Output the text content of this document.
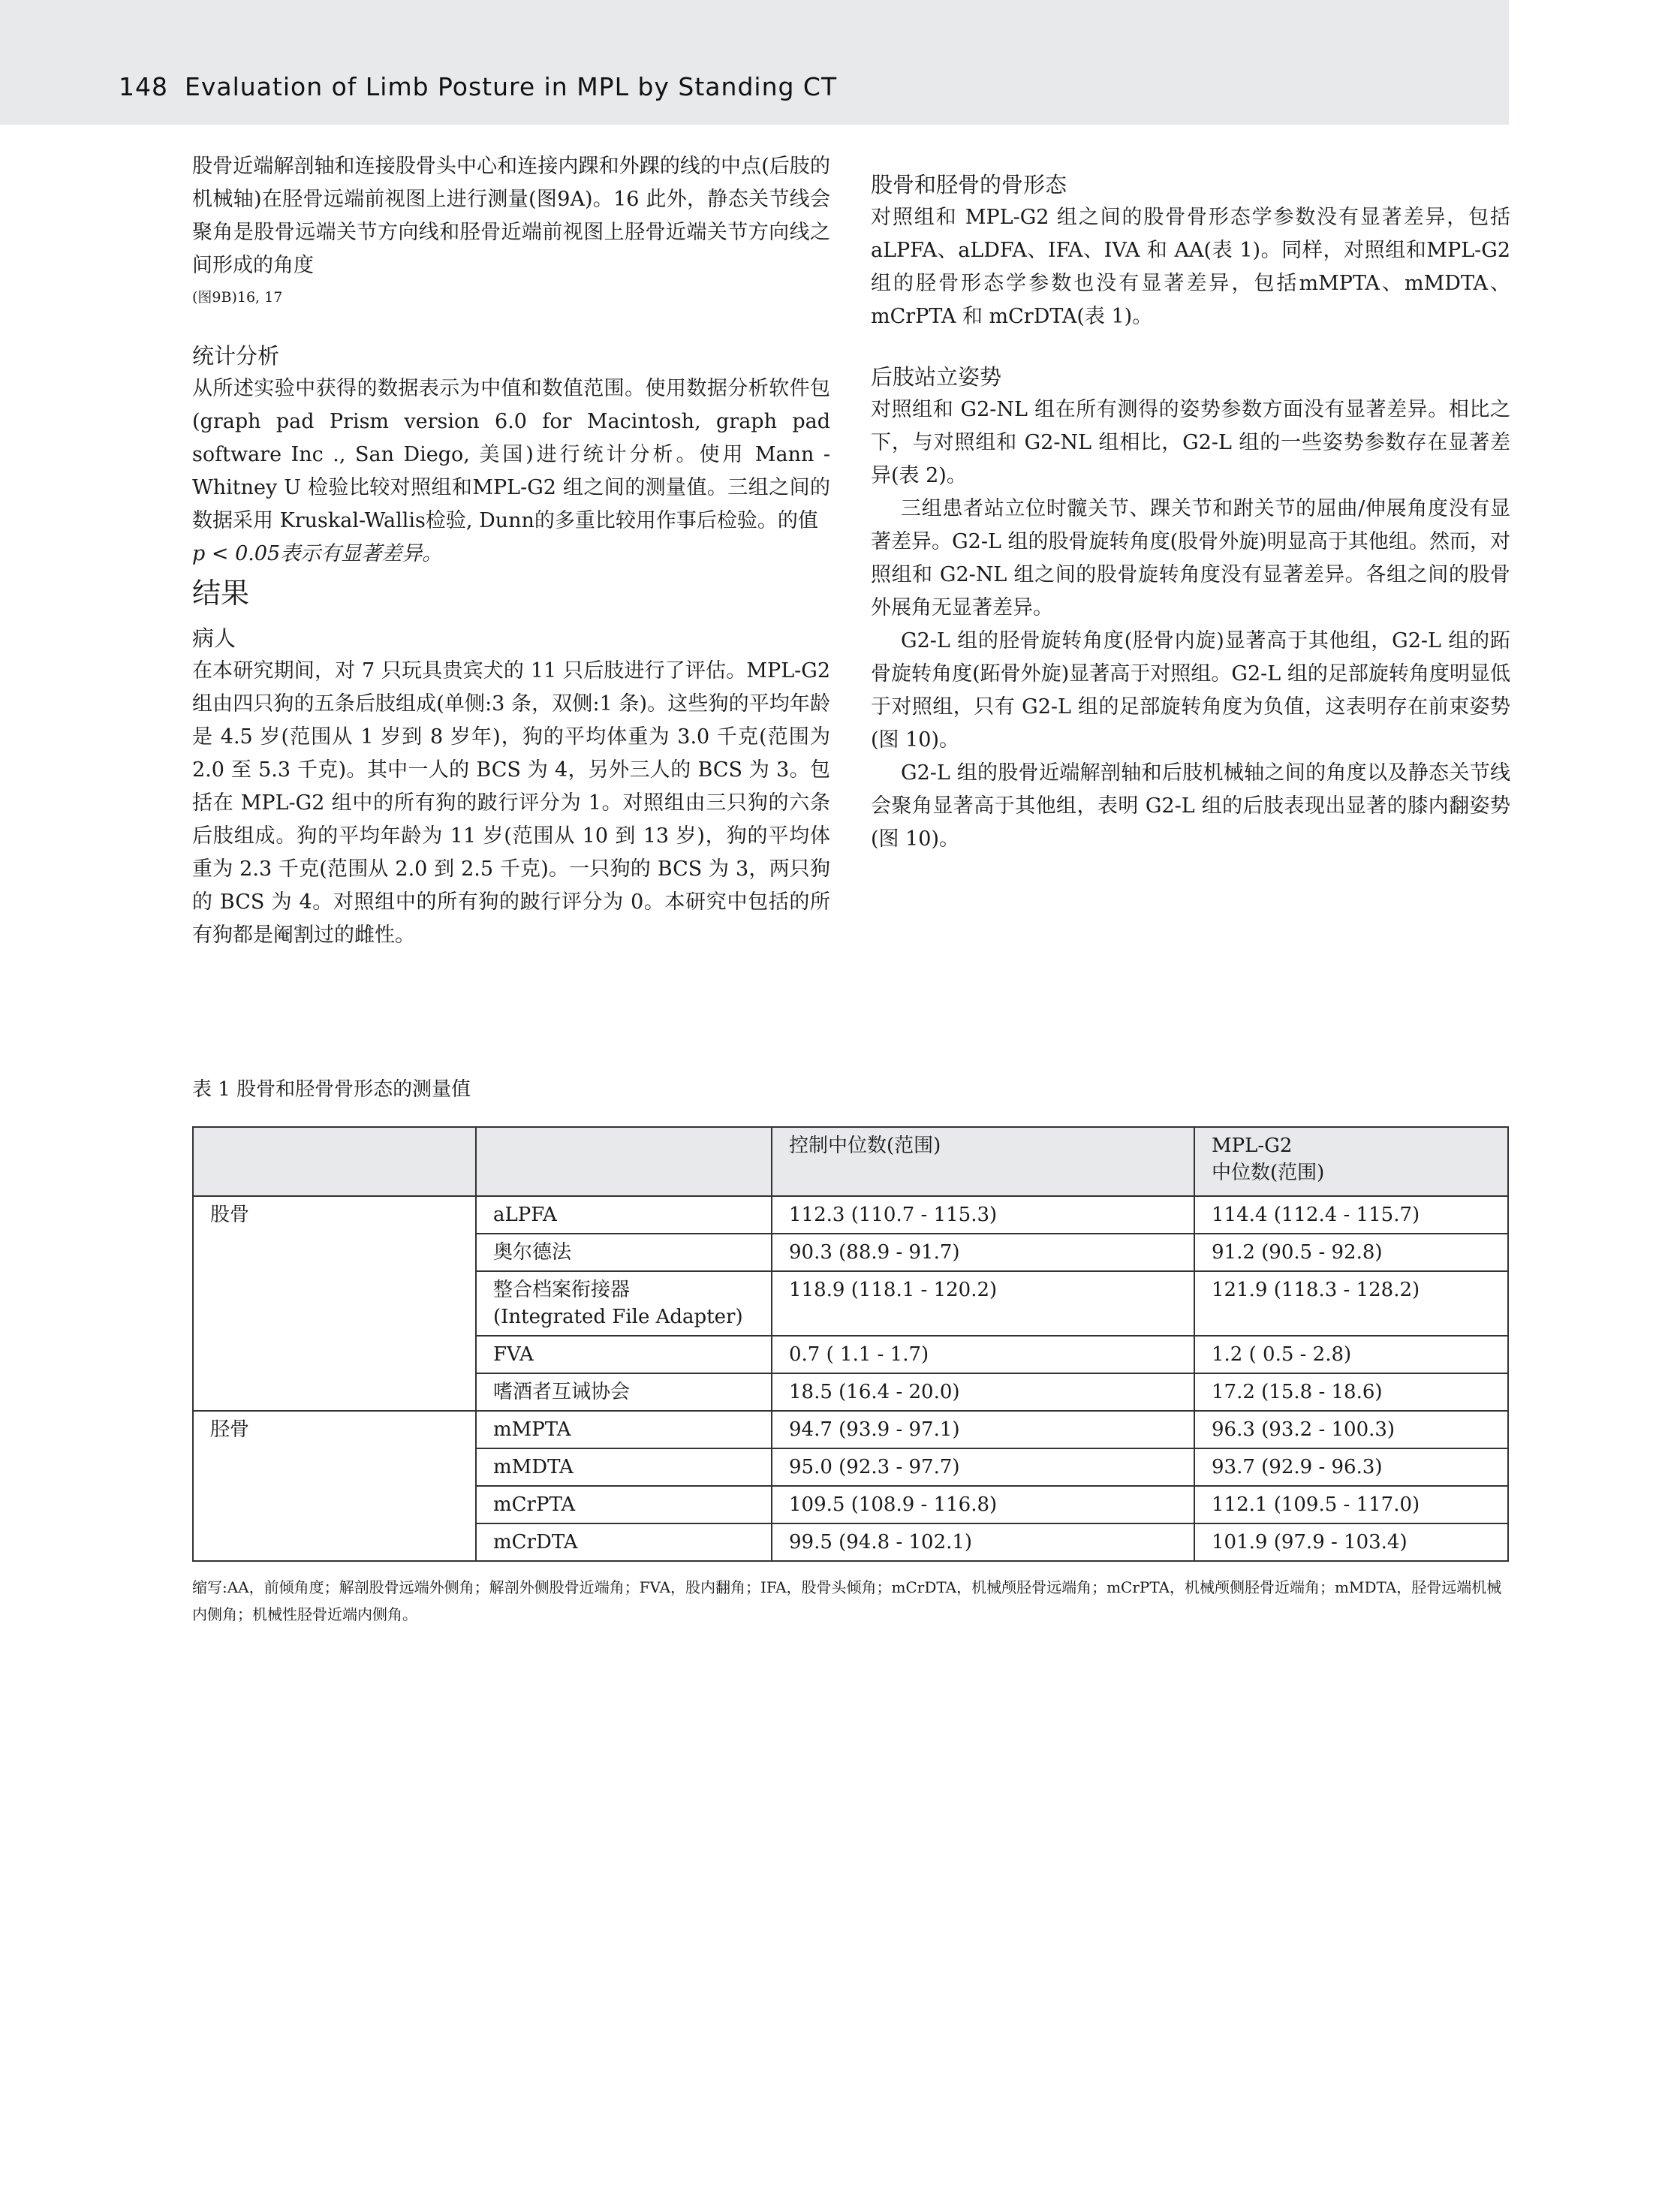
148 Evaluation of Limb Posture in MPL by Standing CT

股骨近端解剖轴和连接股骨头中心和连接内踝和外踝的线的中点(后肢的机械轴)在胫骨远端前视图上进行测量(图9A)。16 此外，静态关节线会聚角是股骨远端关节方向线和胫骨近端前视图上胫骨近端关节方向线之间形成的角度

(图9B)16, 17

统计分析

从所述实验中获得的数据表示为中值和数值范围。使用数据分析软件包(graph pad Prism version 6.0 for Macintosh, graph pad software Inc ., San Diego, 美国)进行统计分析。使用 Mann - Whitney U 检验比较对照组和MPL-G2 组之间的测量值。三组之间的数据采用 Kruskal-Wallis检验, Dunn的多重比较用作事后检验。的值

p < 0.05表示有显著差异。

结果

病人

在本研究期间，对 7 只玩具贵宾犬的 11 只后肢进行了评估。MPL-G2 组由四只狗的五条后肢组成(单侧:3 条，双侧:1 条)。这些狗的平均年龄是 4.5 岁(范围从 1 岁到 8 岁年)，狗的平均体重为 3.0 千克(范围为 2.0 至 5.3 千克)。其中一人的 BCS 为 4，另外三人的 BCS 为 3。包括在 MPL-G2 组中的所有狗的跛行评分为 1。对照组由三只狗的六条后肢组成。狗的平均年龄为 11 岁(范围从 10 到 13 岁)，狗的平均体重为 2.3 千克(范围从 2.0 到 2.5 千克)。一只狗的 BCS 为 3，两只狗的 BCS 为 4。对照组中的所有狗的跛行评分为 0。本研究中包括的所有狗都是阉割过的雌性。

股骨和胫骨的骨形态

对照组和 MPL-G2 组之间的股骨骨形态学参数没有显著差异，包括 aLPFA、aLDFA、IFA、IVA 和 AA(表 1)。同样，对照组和MPL-G2 组的胫骨形态学参数也没有显著差异，包括mMPTA、mMDTA、mCrPTA 和 mCrDTA(表 1)。

后肢站立姿势

对照组和 G2-NL 组在所有测得的姿势参数方面没有显著差异。相比之下，与对照组和 G2-NL 组相比，G2-L 组的一些姿势参数存在显著差异(表 2)。

三组患者站立位时髋关节、踝关节和跗关节的屈曲/伸展角度没有显著差异。G2-L 组的股骨旋转角度(股骨外旋)明显高于其他组。然而，对照组和 G2-NL 组之间的股骨旋转角度没有显著差异。各组之间的股骨外展角无显著差异。

G2-L 组的胫骨旋转角度(胫骨内旋)显著高于其他组，G2-L 组的跖骨旋转角度(跖骨外旋)显著高于对照组。G2-L 组的足部旋转角度明显低于对照组，只有 G2-L 组的足部旋转角度为负值，这表明存在前束姿势(图 10)。

G2-L 组的股骨近端解剖轴和后肢机械轴之间的角度以及静态关节线会聚角显著高于其他组，表明 G2-L 组的后肢表现出显著的膝内翻姿势(图 10)。

表 1 股骨和胫骨骨形态的测量值
		控制中位数(范围)	MPL-G2
中位数(范围)

股骨	aLPFA	112.3 (110.7 - 115.3)	114.4 (112.4 - 115.7)
	奥尔德法	90.3 (88.9 - 91.7)	91.2 (90.5 - 92.8)

	整合档案衔接器
(Integrated File Adapter)	118.9 (118.1 - 120.2)	121.9 (118.3 - 128.2)
	FVA	0.7 ( 1.1 - 1.7)	1.2 ( 0.5 - 2.8)
	嗜酒者互诫协会	18.5 (16.4 - 20.0)	17.2 (15.8 - 18.6)
胫骨	mMPTA	94.7 (93.9 - 97.1)	96.3 (93.2 - 100.3)
	mMDTA	95.0 (92.3 - 97.7)	93.7 (92.9 - 96.3)
	mCrPTA	109.5 (108.9 - 116.8)	112.1 (109.5 - 117.0)
	mCrDTA	99.5 (94.8 - 102.1)	101.9 (97.9 - 103.4)
缩写:AA，前倾角度；解剖股骨远端外侧角；解剖外侧股骨近端角；FVA，股内翻角；IFA，股骨头倾角；mCrDTA，机械颅胫骨远端角；mCrPTA，机械颅侧胫骨近端角；mMDTA，胫骨远端机械内侧角；机械性胫骨近端内侧角。
